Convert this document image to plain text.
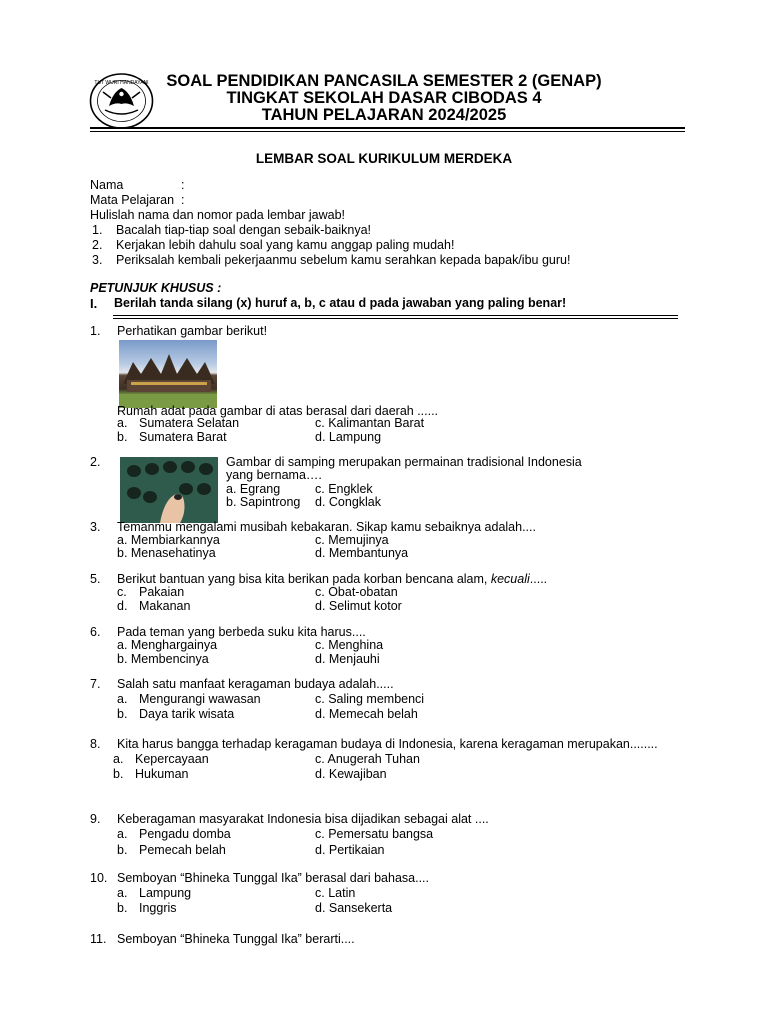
TUT WURI HANDAYANI	SOAL PENDIDIKAN PANCASILA SEMESTER 2 (GENAP)
TINGKAT SEKOLAH DASAR CIBODAS 4
TAHUN PELAJARAN 2024/2025
LEMBAR SOAL KURIKULUM MERDEKA
Nama	:
Mata Pelajaran :
Hulislah nama dan nomor pada lembar jawab!
1. Bacalah tiap-tiap soal dengan sebaik-baiknya!
2. Kerjakan lebih dahulu soal yang kamu anggap paling mudah!
3. Periksalah kembali pekerjaanmu sebelum kamu serahkan kepada bapak/ibu guru!
PETUNJUK KHUSUS :
I. Berilah tanda silang (x) huruf a, b, c atau d pada jawaban yang paling benar!
1. Perhatikan gambar berikut!
Rumah adat pada gambar di atas berasal dari daerah ......
a. Sumatera Selatan	c. Kalimantan Barat
b. Sumatera Barat	d. Lampung
2.	Gambar di samping merupakan permainan tradisional Indonesia
yang bernama….
a. Egrang	c. Engklek
b. Sapintrong d. Congklak
3. Temanmu mengalami musibah kebakaran. Sikap kamu sebaiknya adalah....
a. Membiarkannya	c. Memujinya
b. Menasehatinya	d. Membantunya
5. Berikut bantuan yang bisa kita berikan pada korban bencana alam, kecuali.....
c. Pakaian	c. Obat-obatan
d. Makanan	d. Selimut kotor
6. Pada teman yang berbeda suku kita harus....
a. Menghargainya	c. Menghina
b. Membencinya	d. Menjauhi
7. Salah satu manfaat keragaman budaya adalah.....
a. Mengurangi wawasan	c. Saling membenci
b. Daya tarik wisata	d. Memecah belah
8. Kita harus bangga terhadap keragaman budaya di Indonesia, karena keragaman merupakan........
a. Kepercayaan	c. Anugerah Tuhan
b. Hukuman	d. Kewajiban
9. Keberagaman masyarakat Indonesia bisa dijadikan sebagai alat ....
a. Pengadu domba	c. Pemersatu bangsa
b. Pemecah belah	d. Pertikaian
10. Semboyan “Bhineka Tunggal Ika” berasal dari bahasa....
a. Lampung	c. Latin
b. Inggris	d. Sansekerta
11. Semboyan “Bhineka Tunggal Ika” berarti....
